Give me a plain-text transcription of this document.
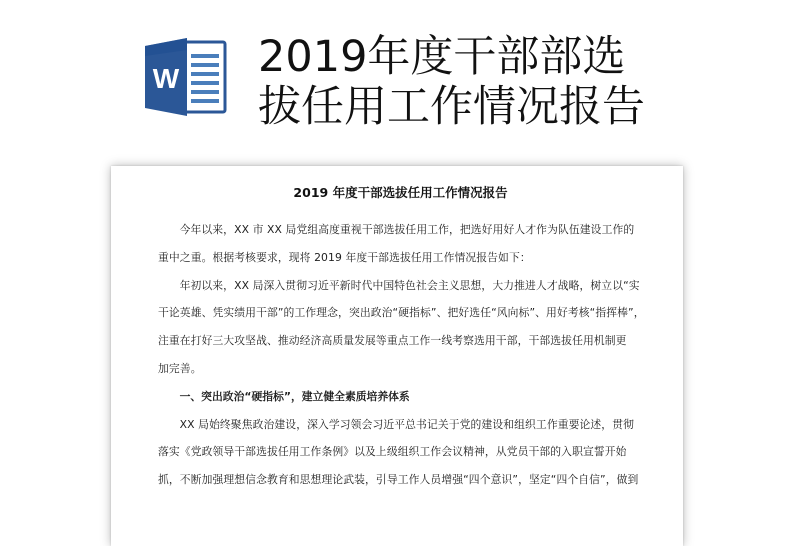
W 2019年度干部部选
拔任用工作情况报告
2019 年度干部选拔任用工作情况报告
今年以来，XX 市 XX 局党组高度重视干部选拔任用工作，把选好用好人才作为队伍建设工作的
重中之重。根据考核要求，现将 2019 年度干部选拔任用工作情况报告如下：
年初以来，XX 局深入贯彻习近平新时代中国特色社会主义思想，大力推进人才战略，树立以“实
干论英雄、凭实绩用干部”的工作理念，突出政治“硬指标”、把好选任“风向标”、用好考核“指挥棒”，
注重在打好三大攻坚战、推动经济高质量发展等重点工作一线考察选用干部，干部选拔任用机制更
加完善。
一、突出政治“硬指标”，建立健全素质培养体系
XX 局始终聚焦政治建设，深入学习领会习近平总书记关于党的建设和组织工作重要论述，贯彻
落实《党政领导干部选拔任用工作条例》以及上级组织工作会议精神，从党员干部的入职宣誓开始
抓，不断加强理想信念教育和思想理论武装，引导工作人员增强“四个意识”，坚定“四个自信”，做到
